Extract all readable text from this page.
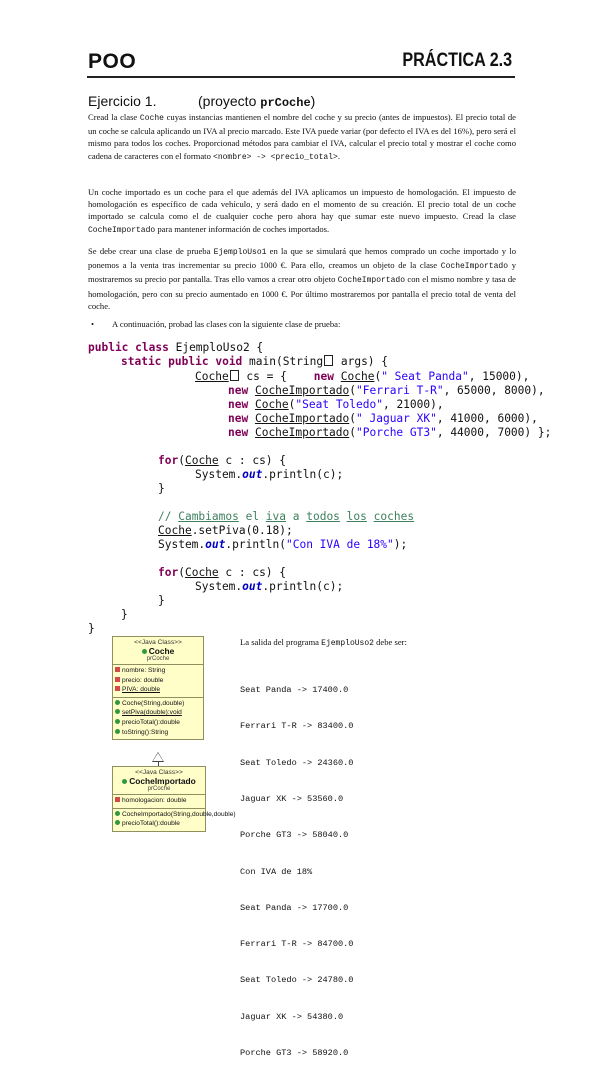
POO	PRÁCTICA 2.3
Ejercicio 1.	(proyecto prCoche)

Cread la clase Coche cuyas instancias mantienen el nombre del coche y su precio (antes de impuestos). El precio total de un coche se calcula aplicando un IVA al precio marcado. Este IVA puede variar (por defecto el IVA es del 16%), pero será el mismo para todos los coches. Proporcionad métodos para cambiar el IVA, calcular el precio total y mostrar el coche como cadena de caracteres con el formato <nombre> -> <precio_total>.

Un coche importado es un coche para el que además del IVA aplicamos un impuesto de homologación. El impuesto de homologación es específico de cada vehículo, y será dado en el momento de su creación. El precio total de un coche importado se calcula como el de cualquier coche pero ahora hay que sumar este nuevo impuesto. Cread la clase CocheImportado para mantener información de coches importados.

Se debe crear una clase de prueba EjemploUso1 en la que se simulará que hemos comprado un coche importado y lo ponemos a la venta tras incrementar su precio 1000 €. Para ello, creamos un objeto de la clase CocheImportado y mostraremos su precio por pantalla. Tras ello vamos a crear otro objeto CocheImportado con el mismo nombre y tasa de homologación, pero con su precio aumentado en 1000 €. Por último mostraremos por pantalla el precio total de venta del coche.

• A continuación, probad las clases con la siguiente clase de prueba:
public class EjemploUso2 {
static public void main(String args) {
Coche cs = {    new Coche(" Seat Panda", 15000),
new CocheImportado("Ferrari T-R", 65000, 8000),
new Coche("Seat Toledo", 21000),
new CocheImportado(" Jaguar XK", 41000, 6000),
new CocheImportado("Porche GT3", 44000, 7000) };
for(Coche c : cs) {
System.out.println(c);
}
// Cambiamos el iva a todos los coches
Coche.setPiva(0.18);
System.out.println("Con IVA de 18%");
for(Coche c : cs) {
System.out.println(c);
}
}
}
<<Java Class>>
Coche
prCoche
nombre: String
precio: double
PIVA: double
Coche(String,double)
setPiva(double):void
precioTotal():double
toString():String
<<Java Class>>
CocheImportado
prCoche
homologacion: double
CocheImportado(String,double,double)
precioTotal():double
La salida del programa EjemploUso2 debe ser:

Seat Panda -> 17400.0

Ferrari T-R -> 83400.0

Seat Toledo -> 24360.0

Jaguar XK -> 53560.0

Porche GT3 -> 58040.0

Con IVA de 18%

Seat Panda -> 17700.0

Ferrari T-R -> 84700.0

Seat Toledo -> 24780.0

Jaguar XK -> 54380.0

Porche GT3 -> 58920.0
